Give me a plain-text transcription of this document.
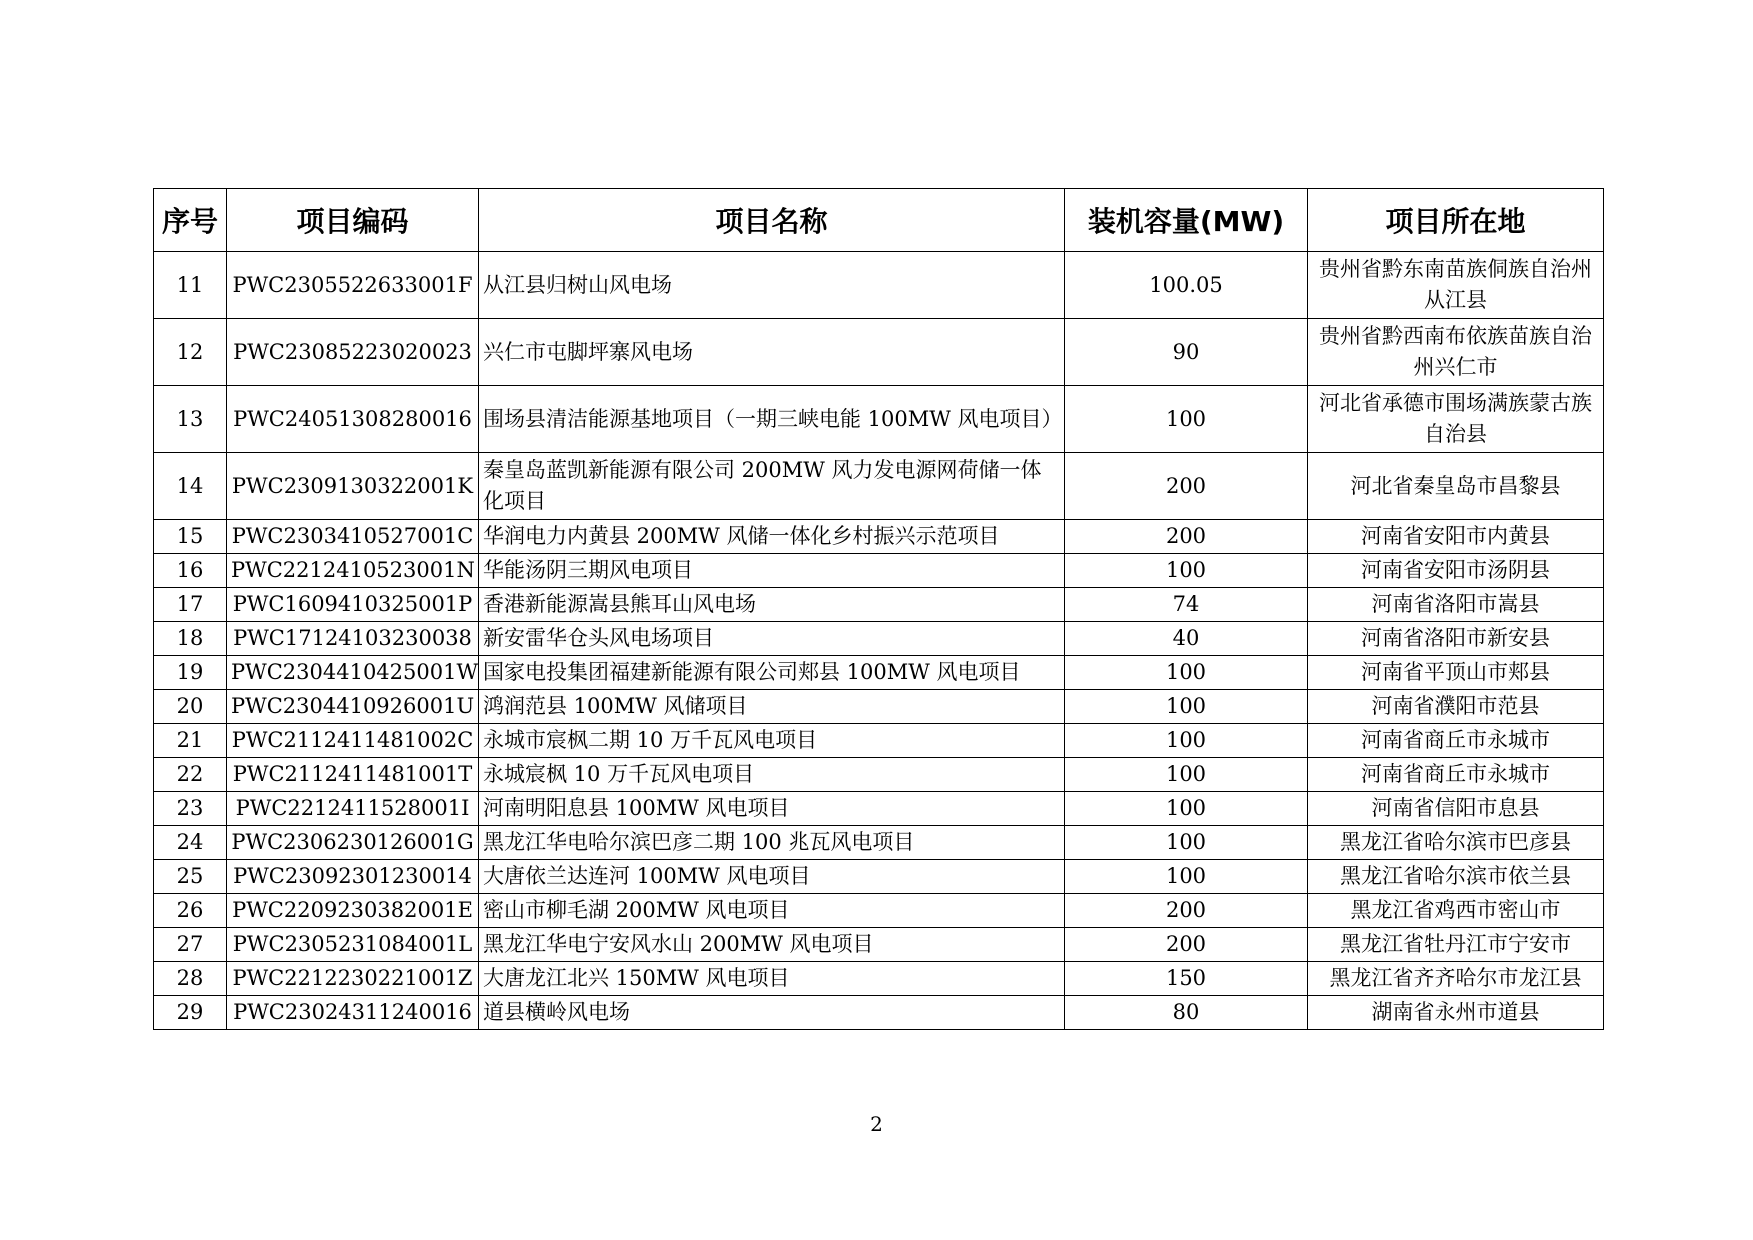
序号	项目编码	项目名称	装机容量(MW)	项目所在地
11	PWC2305522633001F	从江县归树山风电场	100.05	贵州省黔东南苗族侗族自治州从江县
12	PWC23085223020023	兴仁市屯脚坪寨风电场	90	贵州省黔西南布依族苗族自治州兴仁市
13	PWC24051308280016	围场县清洁能源基地项目（一期三峡电能 100MW 风电项目）	100	河北省承德市围场满族蒙古族自治县
14	PWC2309130322001K	秦皇岛蓝凯新能源有限公司 200MW 风力发电源网荷储一体化项目	200	河北省秦皇岛市昌黎县
15	PWC2303410527001C	华润电力内黄县 200MW 风储一体化乡村振兴示范项目	200	河南省安阳市内黄县
16	PWC2212410523001N	华能汤阴三期风电项目	100	河南省安阳市汤阴县
17	PWC1609410325001P	香港新能源嵩县熊耳山风电场	74	河南省洛阳市嵩县
18	PWC17124103230038	新安雷华仓头风电场项目	40	河南省洛阳市新安县
19	PWC2304410425001W	国家电投集团福建新能源有限公司郏县 100MW 风电项目	100	河南省平顶山市郏县
20	PWC2304410926001U	鸿润范县 100MW 风储项目	100	河南省濮阳市范县
21	PWC2112411481002C	永城市宸枫二期 10 万千瓦风电项目	100	河南省商丘市永城市
22	PWC2112411481001T	永城宸枫 10 万千瓦风电项目	100	河南省商丘市永城市
23	PWC2212411528001I	河南明阳息县 100MW 风电项目	100	河南省信阳市息县
24	PWC2306230126001G	黑龙江华电哈尔滨巴彦二期 100 兆瓦风电项目	100	黑龙江省哈尔滨市巴彦县
25	PWC23092301230014	大唐依兰达连河 100MW 风电项目	100	黑龙江省哈尔滨市依兰县
26	PWC2209230382001E	密山市柳毛湖 200MW 风电项目	200	黑龙江省鸡西市密山市
27	PWC2305231084001L	黑龙江华电宁安风水山 200MW 风电项目	200	黑龙江省牡丹江市宁安市
28	PWC2212230221001Z	大唐龙江北兴 150MW 风电项目	150	黑龙江省齐齐哈尔市龙江县
29	PWC23024311240016	道县横岭风电场	80	湖南省永州市道县
2
